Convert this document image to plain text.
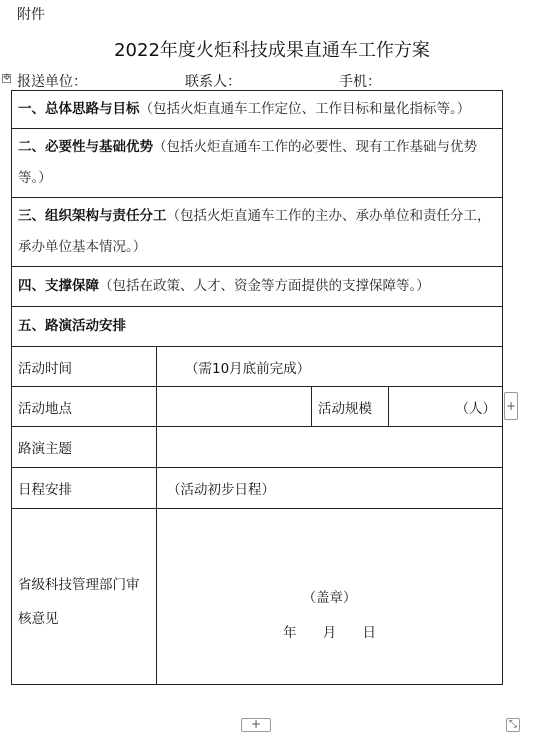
附件
2022年度火炬科技成果直通车工作方案
✥ 报送单位：	联系人：	手机：
一、总体思路与目标（包括火炬直通车工作定位、工作目标和量化指标等。）			
二、必要性与基础优势（包括火炬直通车工作的必要性、现有工作基础与优势等。）			
三、组织架构与责任分工（包括火炬直通车工作的主办、承办单位和责任分工，承办单位基本情况。）			
四、支撑保障（包括在政策、人才、资金等方面提供的支撑保障等。）			
五、路演活动安排			
活动时间	（需10月底前完成）		
活动地点		活动规模	（人）
路演主题			
日程安排	（活动初步日程）		
省级科技管理部门审核意见	（盖章）
年 月 日		
+
+	⤡
